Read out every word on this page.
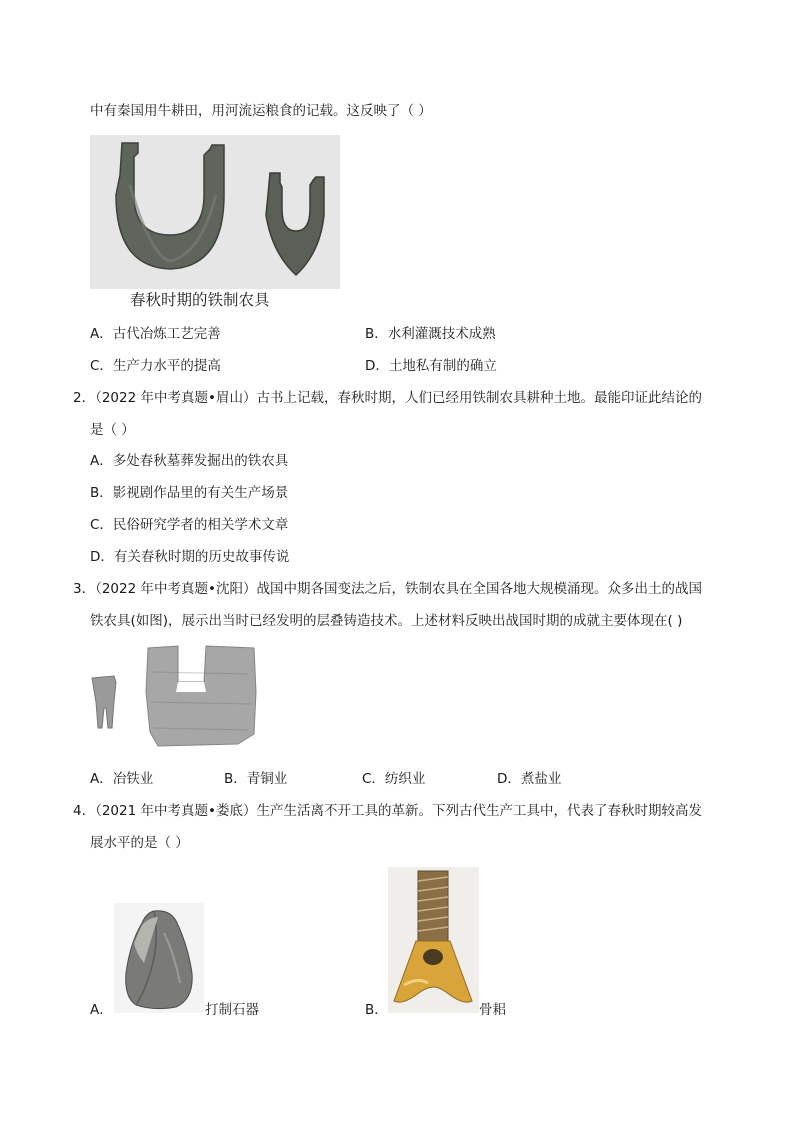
中有秦国用牛耕田，用河流运粮食的记载。这反映了（ ）
春秋时期的铁制农具
A．古代冶炼工艺完善	B．水利灌溉技术成熟
C．生产力水平的提高	D．土地私有制的确立
2．（2022 年中考真题•眉山）古书上记载，春秋时期，人们已经用铁制农具耕种土地。最能印证此结论的
是（ ）
A．多处春秋墓葬发掘出的铁农具
B．影视剧作品里的有关生产场景
C．民俗研究学者的相关学术文章
D．有关春秋时期的历史故事传说
3．（2022 年中考真题•沈阳）战国中期各国变法之后，铁制农具在全国各地大规模涌现。众多出土的战国
铁农具(如图)，展示出当时已经发明的层叠铸造技术。上述材料反映出战国时期的成就主要体现在( )
A．冶铁业	B．青铜业	C．纺织业	D．煮盐业
4．（2021 年中考真题•娄底）生产生活离不开工具的革新。下列古代生产工具中，代表了春秋时期较高发
展水平的是（ ）
A．	打制石器	B．	骨耜
